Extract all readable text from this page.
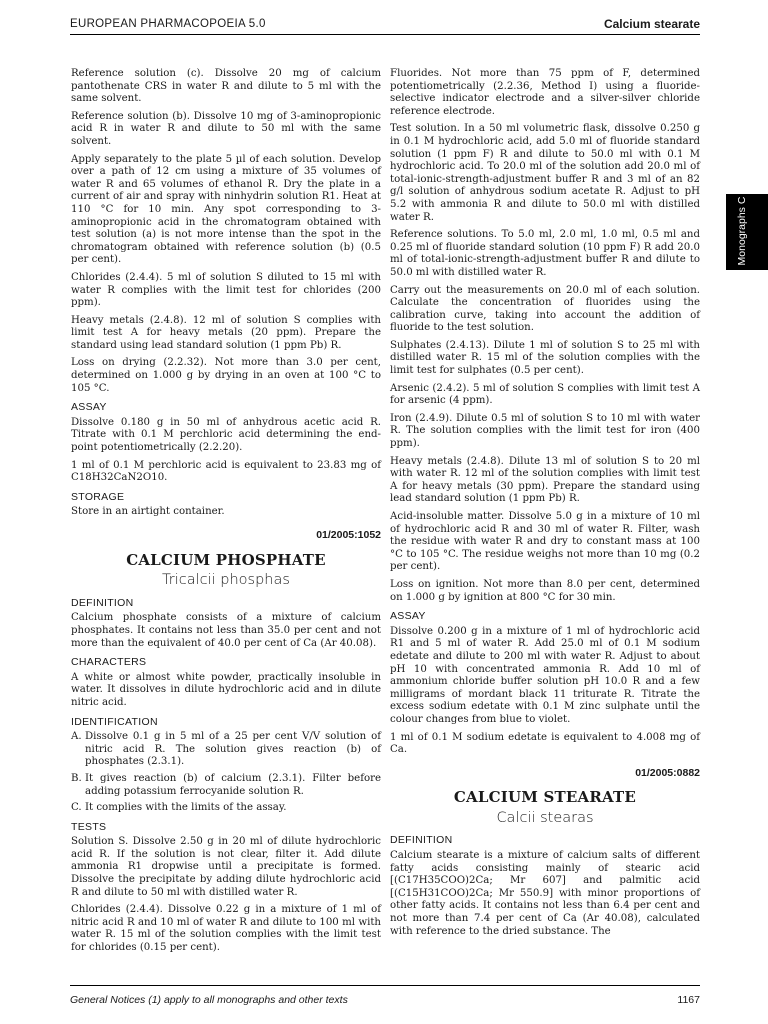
EUROPEAN PHARMACOPOEIA 5.0	Calcium stearate
Monographs C

Reference solution (c). Dissolve 20 mg of calcium pantothenate CRS in water R and dilute to 5 ml with the same solvent.

Reference solution (b). Dissolve 10 mg of 3-aminopropionic acid R in water R and dilute to 50 ml with the same solvent.

Apply separately to the plate 5 µl of each solution. Develop over a path of 12 cm using a mixture of 35 volumes of water R and 65 volumes of ethanol R. Dry the plate in a current of air and spray with ninhydrin solution R1. Heat at 110 °C for 10 min. Any spot corresponding to 3-aminopropionic acid in the chromatogram obtained with test solution (a) is not more intense than the spot in the chromatogram obtained with reference solution (b) (0.5 per cent).

Chlorides (2.4.4). 5 ml of solution S diluted to 15 ml with water R complies with the limit test for chlorides (200 ppm).

Heavy metals (2.4.8). 12 ml of solution S complies with limit test A for heavy metals (20 ppm). Prepare the standard using lead standard solution (1 ppm Pb) R.

Loss on drying (2.2.32). Not more than 3.0 per cent, determined on 1.000 g by drying in an oven at 100 °C to 105 °C.

ASSAY

Dissolve 0.180 g in 50 ml of anhydrous acetic acid R. Titrate with 0.1 M perchloric acid determining the end-point potentiometrically (2.2.20).

1 ml of 0.1 M perchloric acid is equivalent to 23.83 mg of C18H32CaN2O10.

STORAGE

Store in an airtight container.

01/2005:1052
CALCIUM PHOSPHATE
Tricalcii phosphas
DEFINITION

Calcium phosphate consists of a mixture of calcium phosphates. It contains not less than 35.0 per cent and not more than the equivalent of 40.0 per cent of Ca (Ar 40.08).

CHARACTERS

A white or almost white powder, practically insoluble in water. It dissolves in dilute hydrochloric acid and in dilute nitric acid.

IDENTIFICATION
A. Dissolve 0.1 g in 5 ml of a 25 per cent V/V solution of nitric acid R. The solution gives reaction (b) of phosphates (2.3.1).
B. It gives reaction (b) of calcium (2.3.1). Filter before adding potassium ferrocyanide solution R.
C. It complies with the limits of the assay.
TESTS

Solution S. Dissolve 2.50 g in 20 ml of dilute hydrochloric acid R. If the solution is not clear, filter it. Add dilute ammonia R1 dropwise until a precipitate is formed. Dissolve the precipitate by adding dilute hydrochloric acid R and dilute to 50 ml with distilled water R.

Chlorides (2.4.4). Dissolve 0.22 g in a mixture of 1 ml of nitric acid R and 10 ml of water R and dilute to 100 ml with water R. 15 ml of the solution complies with the limit test for chlorides (0.15 per cent).

Fluorides. Not more than 75 ppm of F, determined potentiometrically (2.2.36, Method I) using a fluoride-selective indicator electrode and a silver-silver chloride reference electrode.

Test solution. In a 50 ml volumetric flask, dissolve 0.250 g in 0.1 M hydrochloric acid, add 5.0 ml of fluoride standard solution (1 ppm F) R and dilute to 50.0 ml with 0.1 M hydrochloric acid. To 20.0 ml of the solution add 20.0 ml of total-ionic-strength-adjustment buffer R and 3 ml of an 82 g/l solution of anhydrous sodium acetate R. Adjust to pH 5.2 with ammonia R and dilute to 50.0 ml with distilled water R.

Reference solutions. To 5.0 ml, 2.0 ml, 1.0 ml, 0.5 ml and 0.25 ml of fluoride standard solution (10 ppm F) R add 20.0 ml of total-ionic-strength-adjustment buffer R and dilute to 50.0 ml with distilled water R.

Carry out the measurements on 20.0 ml of each solution. Calculate the concentration of fluorides using the calibration curve, taking into account the addition of fluoride to the test solution.

Sulphates (2.4.13). Dilute 1 ml of solution S to 25 ml with distilled water R. 15 ml of the solution complies with the limit test for sulphates (0.5 per cent).

Arsenic (2.4.2). 5 ml of solution S complies with limit test A for arsenic (4 ppm).

Iron (2.4.9). Dilute 0.5 ml of solution S to 10 ml with water R. The solution complies with the limit test for iron (400 ppm).

Heavy metals (2.4.8). Dilute 13 ml of solution S to 20 ml with water R. 12 ml of the solution complies with limit test A for heavy metals (30 ppm). Prepare the standard using lead standard solution (1 ppm Pb) R.

Acid-insoluble matter. Dissolve 5.0 g in a mixture of 10 ml of hydrochloric acid R and 30 ml of water R. Filter, wash the residue with water R and dry to constant mass at 100 °C to 105 °C. The residue weighs not more than 10 mg (0.2 per cent).

Loss on ignition. Not more than 8.0 per cent, determined on 1.000 g by ignition at 800 °C for 30 min.

ASSAY

Dissolve 0.200 g in a mixture of 1 ml of hydrochloric acid R1 and 5 ml of water R. Add 25.0 ml of 0.1 M sodium edetate and dilute to 200 ml with water R. Adjust to about pH 10 with concentrated ammonia R. Add 10 ml of ammonium chloride buffer solution pH 10.0 R and a few milligrams of mordant black 11 triturate R. Titrate the excess sodium edetate with 0.1 M zinc sulphate until the colour changes from blue to violet.

1 ml of 0.1 M sodium edetate is equivalent to 4.008 mg of Ca.

01/2005:0882
CALCIUM STEARATE
Calcii stearas
DEFINITION

Calcium stearate is a mixture of calcium salts of different fatty acids consisting mainly of stearic acid [(C17H35COO)2Ca; Mr 607] and palmitic acid [(C15H31COO)2Ca; Mr 550.9] with minor proportions of other fatty acids. It contains not less than 6.4 per cent and not more than 7.4 per cent of Ca (Ar 40.08), calculated with reference to the dried substance. The

General Notices (1) apply to all monographs and other texts	1167
